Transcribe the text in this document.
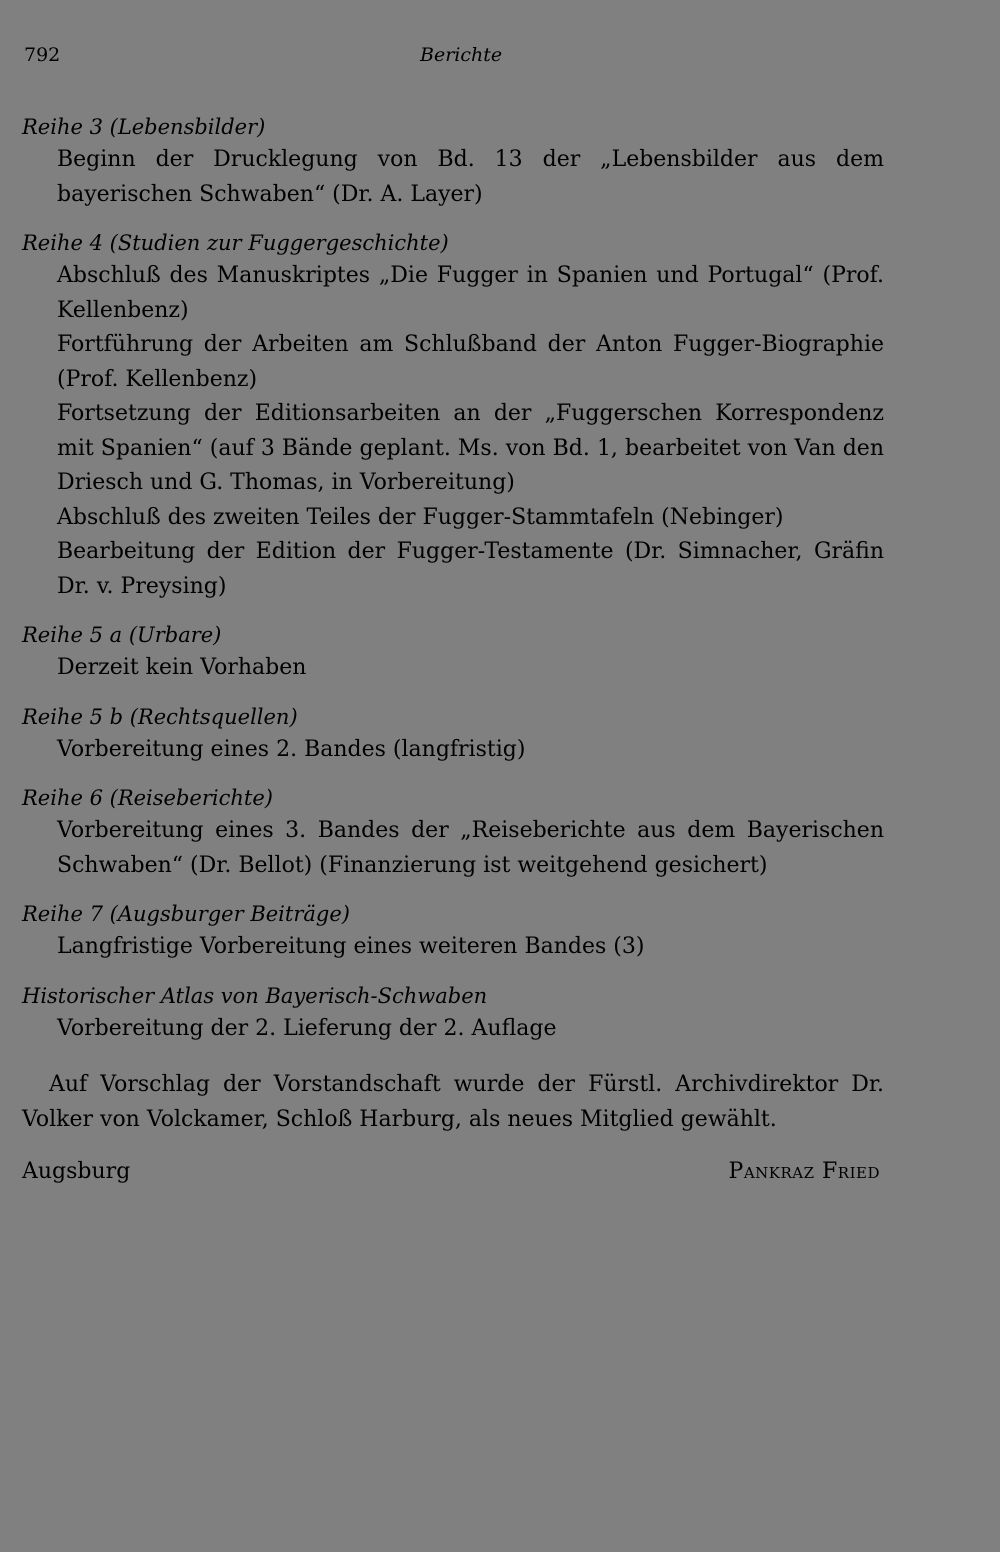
792	Berichte
Reihe 3 (Lebensbilder)
Beginn der Drucklegung von Bd. 13 der „Lebensbilder aus dem bayerischen Schwaben“ (Dr. A. Layer)
Reihe 4 (Studien zur Fuggergeschichte)
Abschluß des Manuskriptes „Die Fugger in Spanien und Portugal“ (Prof. Kellenbenz)
Fortführung der Arbeiten am Schlußband der Anton Fugger-Biographie (Prof. Kellenbenz)
Fortsetzung der Editionsarbeiten an der „Fuggerschen Korrespondenz mit Spanien“ (auf 3 Bände geplant. Ms. von Bd. 1, bearbeitet von Van den Driesch und G. Thomas, in Vorbereitung)
Abschluß des zweiten Teiles der Fugger-Stammtafeln (Nebinger)
Bearbeitung der Edition der Fugger-Testamente (Dr. Simnacher, Gräfin Dr. v. Preysing)
Reihe 5 a (Urbare)
Derzeit kein Vorhaben
Reihe 5 b (Rechtsquellen)
Vorbereitung eines 2. Bandes (langfristig)
Reihe 6 (Reiseberichte)
Vorbereitung eines 3. Bandes der „Reiseberichte aus dem Bayerischen Schwaben“ (Dr. Bellot) (Finanzierung ist weitgehend gesichert)
Reihe 7 (Augsburger Beiträge)
Langfristige Vorbereitung eines weiteren Bandes (3)
Historischer Atlas von Bayerisch-Schwaben
Vorbereitung der 2. Lieferung der 2. Auflage
Auf Vorschlag der Vorstandschaft wurde der Fürstl. Archivdirektor Dr. Volker von Volckamer, Schloß Harburg, als neues Mitglied gewählt.
Augsburg	Pankraz Fried
